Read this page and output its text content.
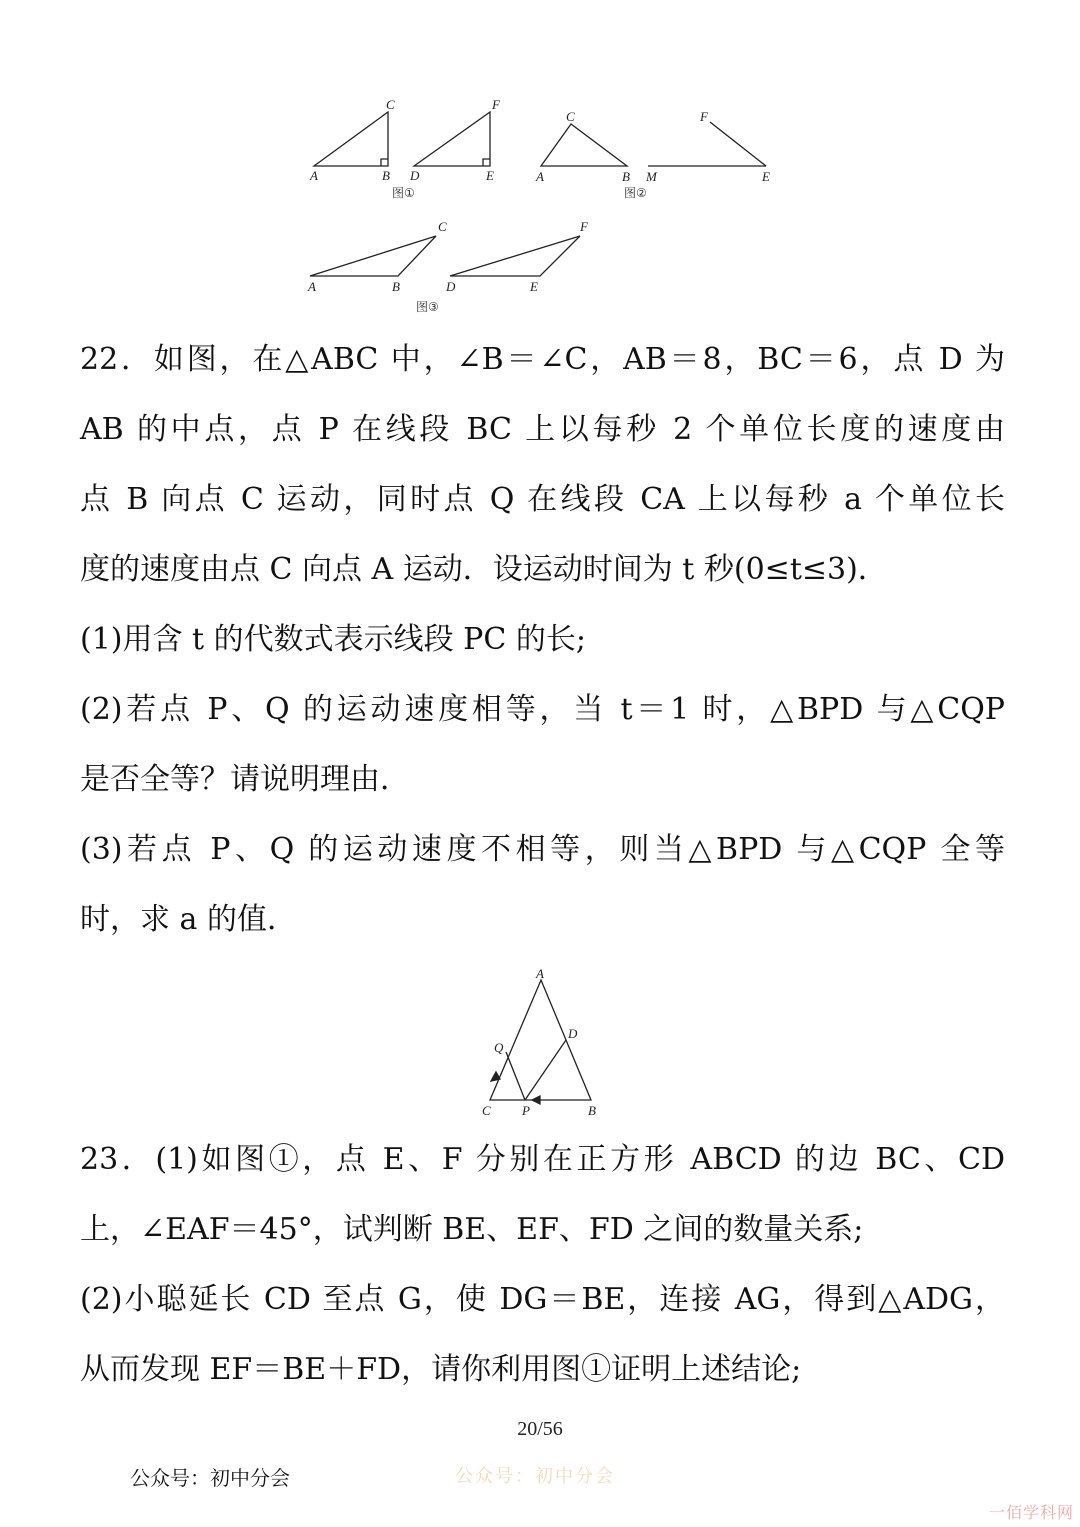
C
A	B
F
D	E
图①
C
A	B
F
M	E
图②
C
A	B
F
D	E
图③
22．如图，在△ABC 中，∠B＝∠C，AB＝8，BC＝6，点 D 为
AB 的中点，点 P 在线段 BC 上以每秒 2 个单位长度的速度由
点 B 向点 C 运动，同时点 Q 在线段 CA 上以每秒 a 个单位长
度的速度由点 C 向点 A 运动．设运动时间为 t 秒(0≤t≤3)．
(1)用含 t 的代数式表示线段 PC 的长;
(2)若点 P、Q 的运动速度相等，当 t＝1 时，△BPD 与△CQP
是否全等？请说明理由．
(3)若点 P、Q 的运动速度不相等，则当△BPD 与△CQP 全等
时，求 a 的值．
A
D
Q
C P	B
23．(1)如图①，点 E、F 分别在正方形 ABCD 的边 BC、CD
上，∠EAF＝45°，试判断 BE、EF、FD 之间的数量关系;
(2)小聪延长 CD 至点 G，使 DG＝BE，连接 AG，得到△ADG，
从而发现 EF＝BE＋FD，请你利用图①证明上述结论;
20/56
公众号：初中分会	公众号：初中分会
一佰学科网
